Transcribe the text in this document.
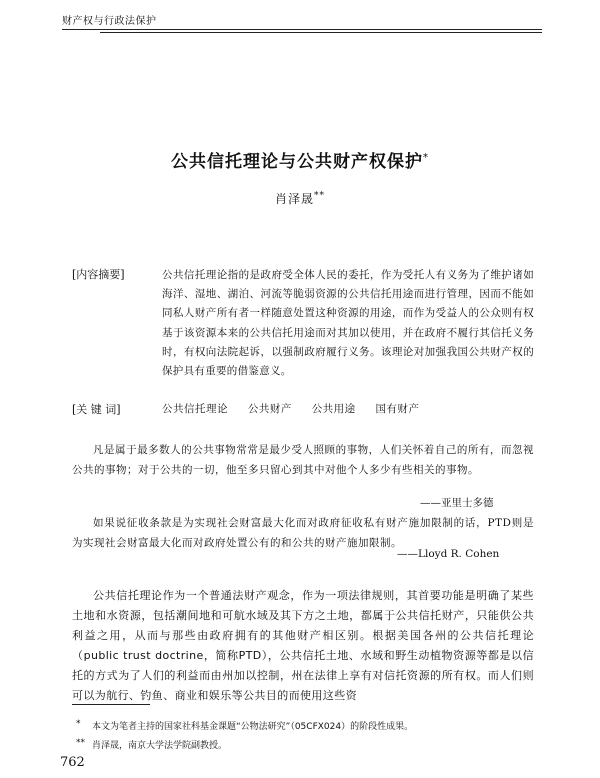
财产权与行政法保护
公共信托理论与公共财产权保护*
肖泽晟**
[内容摘要]	公共信托理论指的是政府受全体人民的委托，作为受托人有义务为了维护诸如海洋、湿地、湖泊、河流等脆弱资源的公共信托用途而进行管理，因而不能如同私人财产所有者一样随意处置这种资源的用途，而作为受益人的公众则有权基于该资源本来的公共信托用途而对其加以使用，并在政府不履行其信托义务时，有权向法院起诉，以强制政府履行义务。该理论对加强我国公共财产权的保护具有重要的借鉴意义。
[关 键 词]	公共信托理论 公共财产 公共用途 国有财产
凡是属于最多数人的公共事物常常是最少受人照顾的事物，人们关怀着自己的所有，而忽视公共的事物；对于公共的一切，他至多只留心到其中对他个人多少有些相关的事物。
——亚里士多德
如果说征收条款是为实现社会财富最大化而对政府征收私有财产施加限制的话，PTD则是为实现社会财富最大化而对政府处置公有的和公共的财产施加限制。
——Lloyd R. Cohen
公共信托理论作为一个普通法财产观念，作为一项法律规则，其首要功能是明确了某些土地和水资源，包括潮间地和可航水域及其下方之土地，都属于公共信托财产，只能供公共利益之用，从而与那些由政府拥有的其他财产相区别。根据美国各州的公共信托理论（public trust doctrine，简称PTD），公共信托土地、水域和野生动植物资源等都是以信托的方式为了人们的利益而由州加以控制，州在法律上享有对信托资源的所有权。而人们则可以为航行、钓鱼、商业和娱乐等公共目的而使用这些资
* 本文为笔者主持的国家社科基金课题“公物法研究”（05CFX024）的阶段性成果。
** 肖泽晟，南京大学法学院副教授。
762
